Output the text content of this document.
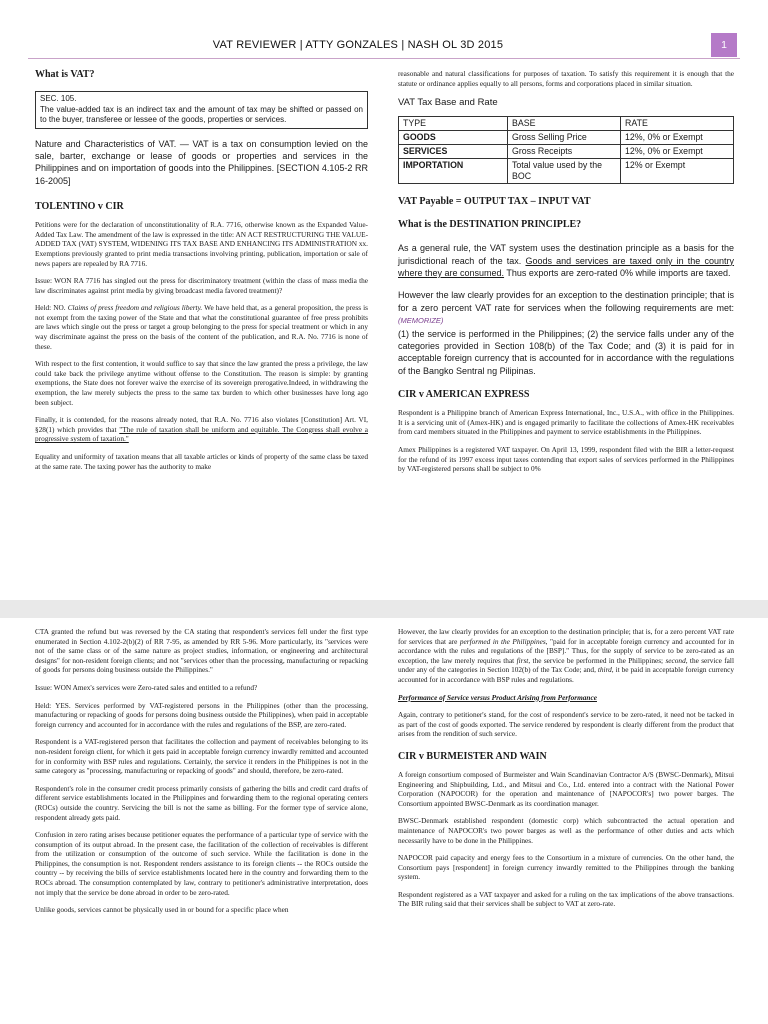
VAT REVIEWER | ATTY GONZALES | NASH OL 3D 2015	1

What is VAT?

SEC. 105.

The value-added tax is an indirect tax and the amount of tax may be shifted or passed on to the buyer, transferee or lessee of the goods, properties or services.

Nature and Characteristics of VAT. — VAT is a tax on consumption levied on the sale, barter, exchange or lease of goods or properties and services in the Philippines and on importation of goods into the Philippines. [SECTION 4.105-2 RR 16-2005]

TOLENTINO v CIR

Petitions were for the declaration of unconstitutionality of R.A. 7716, otherwise known as the Expanded Value-Added Tax Law. The amendment of the law is expressed in the title: AN ACT RESTRUCTURING THE VALUE-ADDED TAX (VAT) SYSTEM, WIDENING ITS TAX BASE AND ENHANCING ITS ADMINISTRATION xx. Exemptions previously granted to print media transactions involving printing, publication, importation or sale of news papers are repealed by RA 7716.

Issue: WON RA 7716 has singled out the press for discriminatory treatment (within the class of mass media the law discriminates against print media by giving broadcast media favored treatment)?

Held: NO. Claims of press freedom and religious liberty. We have held that, as a general proposition, the press is not exempt from the taxing power of the State and that what the constitutional guarantee of free press prohibits are laws which single out the press or target a group belonging to the press for special treatment or which in any way discriminate against the press on the basis of the content of the publication, and R.A. No. 7716 is none of these.

With respect to the first contention, it would suffice to say that since the law granted the press a privilege, the law could take back the privilege anytime without offense to the Constitution. The reason is simple: by granting exemptions, the State does not forever waive the exercise of its sovereign prerogative.Indeed, in withdrawing the exemption, the law merely subjects the press to the same tax burden to which other businesses have long ago been subject.

Finally, it is contended, for the reasons already noted, that R.A. No. 7716 also violates [Constitution] Art. VI, §28(1) which provides that "The rule of taxation shall be uniform and equitable. The Congress shall evolve a progressive system of taxation."

Equality and uniformity of taxation means that all taxable articles or kinds of property of the same class be taxed at the same rate. The taxing power has the authority to make

reasonable and natural classifications for purposes of taxation. To satisfy this requirement it is enough that the statute or ordinance applies equally to all persons, forms and corporations placed in similar situation.

VAT Tax Base and Rate

TYPE	BASE	RATE
GOODS	Gross Selling Price	12%, 0% or Exempt
SERVICES	Gross Receipts	12%, 0% or Exempt
IMPORTATION	Total value used by the BOC	12% or Exempt

VAT Payable = OUTPUT TAX – INPUT VAT

What is the DESTINATION PRINCIPLE?

As a general rule, the VAT system uses the destination principle as a basis for the jurisdictional reach of the tax. Goods and services are taxed only in the country where they are consumed. Thus exports are zero-rated 0% while imports are taxed.

However the law clearly provides for an exception to the destination principle; that is for a zero percent VAT rate for services when the following requirements are met: (MEMORIZE)
(1) the service is performed in the Philippines; (2) the service falls under any of the categories provided in Section 108(b) of the Tax Code; and (3) it is paid for in acceptable foreign currency that is accounted for in accordance with the regulations of the Bangko Sentral ng Pilipinas.

CIR v AMERICAN EXPRESS

Respondent is a Philippine branch of American Express International, Inc., U.S.A., with office in the Philippines. It is a servicing unit of (Amex-HK) and is engaged primarily to facilitate the collections of Amex-HK receivables from card members situated in the Philippines and payment to service establishments in the Philippines.

Amex Philippines is a registered VAT taxpayer. On April 13, 1999, respondent filed with the BIR a letter-request for the refund of its 1997 excess input taxes contending that export sales of services performed in the Philippines by VAT-registered persons shall be subject to 0%

CTA granted the refund but was reversed by the CA stating that respondent's services fell under the first type enumerated in Section 4.102-2(b)(2) of RR 7-95, as amended by RR 5-96. More particularly, its "services were not of the same class or of the same nature as project studies, information, or engineering and architectural designs" for non-resident foreign clients; and not "services other than the processing, manufacturing or repacking of goods for persons doing business outside the Philippines."

Issue: WON Amex's services were Zero-rated sales and entitled to a refund?

Held: YES. Services performed by VAT-registered persons in the Philippines (other than the processing, manufacturing or repacking of goods for persons doing business outside the Philippines), when paid in acceptable foreign currency and accounted for in accordance with the rules and regulations of the BSP, are zero-rated.

Respondent is a VAT-registered person that facilitates the collection and payment of receivables belonging to its non-resident foreign client, for which it gets paid in acceptable foreign currency inwardly remitted and accounted for in conformity with BSP rules and regulations. Certainly, the service it renders in the Philippines is not in the same category as "processing, manufacturing or repacking of goods" and should, therefore, be zero-rated.

Respondent's role in the consumer credit process primarily consists of gathering the bills and credit card drafts of different service establishments located in the Philippines and forwarding them to the regional operating centers (ROCs) outside the country. Servicing the bill is not the same as billing. For the former type of service alone, respondent already gets paid.

Confusion in zero rating arises because petitioner equates the performance of a particular type of service with the consumption of its output abroad. In the present case, the facilitation of the collection of receivables is different from the utilization or consumption of the outcome of such service. While the facilitation is done in the Philippines, the consumption is not. Respondent renders assistance to its foreign clients -- the ROCs outside the country -- by receiving the bills of service establishments located here in the country and forwarding them to the ROCs abroad. The consumption contemplated by law, contrary to petitioner's administrative interpretation, does not imply that the service be done abroad in order to be zero-rated.

Unlike goods, services cannot be physically used in or bound for a specific place when

However, the law clearly provides for an exception to the destination principle; that is, for a zero percent VAT rate for services that are performed in the Philippines, "paid for in acceptable foreign currency and accounted for in accordance with the rules and regulations of the [BSP]." Thus, for the supply of service to be zero-rated as an exception, the law merely requires that first, the service be performed in the Philippines; second, the service fall under any of the categories in Section 102(b) of the Tax Code; and, third, it be paid in acceptable foreign currency accounted for in accordance with BSP rules and regulations.

Performance of Service versus Product Arising from Performance

Again, contrary to petitioner's stand, for the cost of respondent's service to be zero-rated, it need not be tacked in as part of the cost of goods exported. The service rendered by respondent is clearly different from the product that arises from the rendition of such service.

CIR v BURMEISTER AND WAIN

A foreign consortium composed of Burmeister and Wain Scandinavian Contractor A/S (BWSC-Denmark), Mitsui Engineering and Shipbuilding, Ltd., and Mitsui and Co., Ltd. entered into a contract with the National Power Corporation (NAPOCOR) for the operation and maintenance of [NAPOCOR's] two power barges. The Consortium appointed BWSC-Denmark as its coordination manager.

BWSC-Denmark established respondent (domestic corp) which subcontracted the actual operation and maintenance of NAPOCOR's two power barges as well as the performance of other duties and acts which necessarily have to be done in the Philippines.

NAPOCOR paid capacity and energy fees to the Consortium in a mixture of currencies. On the other hand, the Consortium pays [respondent] in foreign currency inwardly remitted to the Philippines through the banking system.

Respondent registered as a VAT taxpayer and asked for a ruling on the tax implications of the above transactions. The BIR ruling said that their services shall be subject to VAT at zero-rate.
